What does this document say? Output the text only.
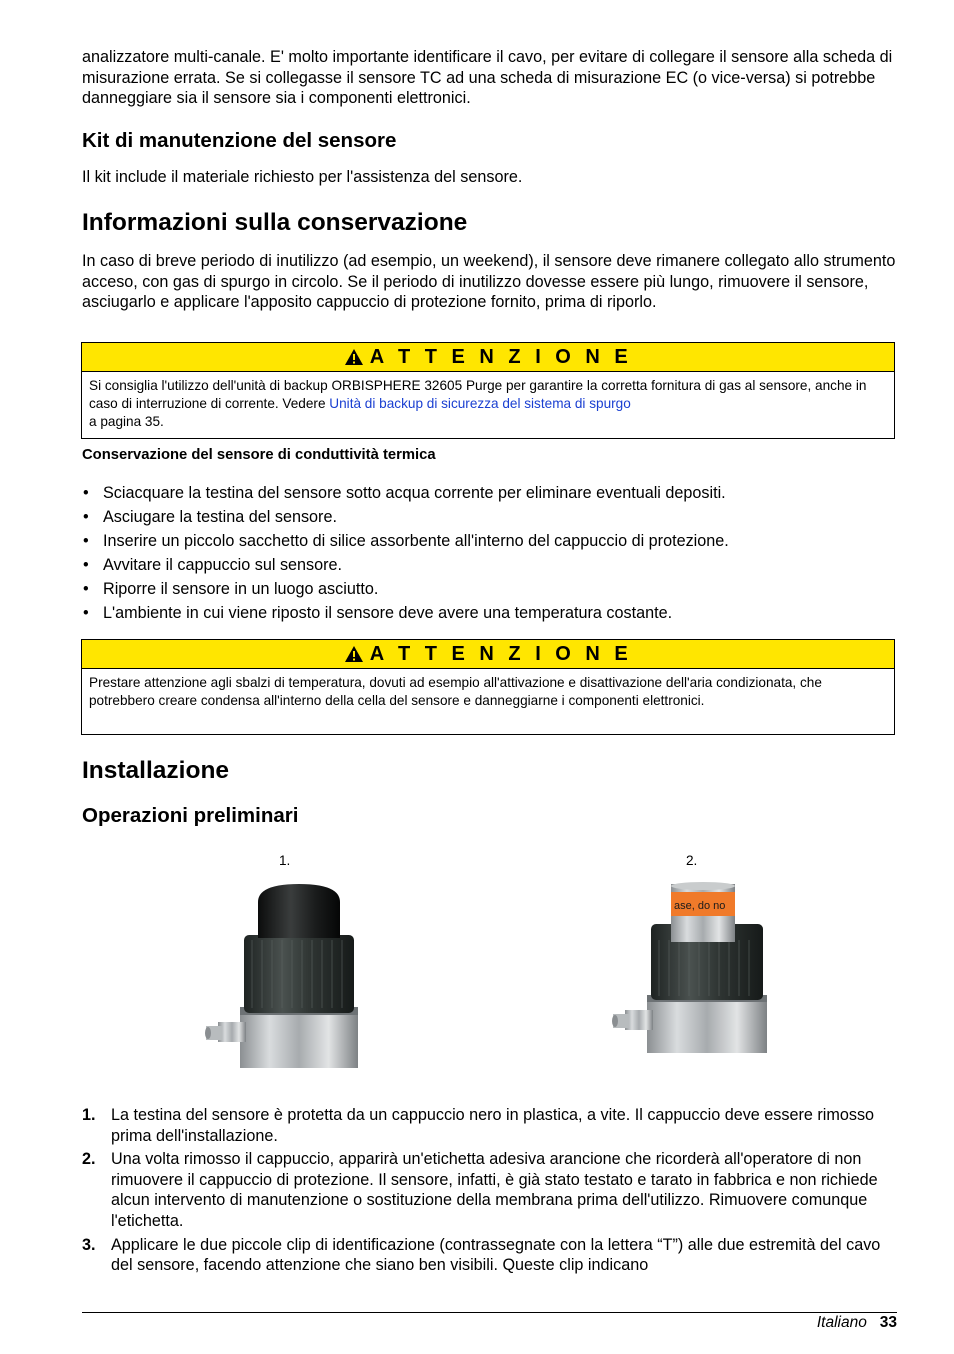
analizzatore multi-canale. E' molto importante identificare il cavo, per evitare di collegare il sensore alla scheda di misurazione errata. Se si collegasse il sensore TC ad una scheda di misurazione EC (o vice-versa) si potrebbe danneggiare sia il sensore sia i componenti elettronici.

Kit di manutenzione del sensore

Il kit include il materiale richiesto per l'assistenza del sensore.

Informazioni sulla conservazione

In caso di breve periodo di inutilizzo (ad esempio, un weekend), il sensore deve rimanere collegato allo strumento acceso, con gas di spurgo in circolo. Se il periodo di inutilizzo dovesse essere più lungo, rimuovere il sensore, asciugarlo e applicare l'apposito cappuccio di protezione fornito, prima di riporlo.

A T T E N Z I O N E
Si consiglia l'utilizzo dell'unità di backup ORBISPHERE 32605 Purge per garantire la corretta fornitura di gas al sensore, anche in caso di interruzione di corrente. Vedere Unità di backup di sicurezza del sistema di spurgo
a pagina 35.
Conservazione del sensore di conduttività termica
• Sciacquare la testina del sensore sotto acqua corrente per eliminare eventuali depositi.
• Asciugare la testina del sensore.
• Inserire un piccolo sacchetto di silice assorbente all'interno del cappuccio di protezione.
• Avvitare il cappuccio sul sensore.
• Riporre il sensore in un luogo asciutto.
• L'ambiente in cui viene riposto il sensore deve avere una temperatura costante.
A T T E N Z I O N E
Prestare attenzione agli sbalzi di temperatura, dovuti ad esempio all'attivazione e disattivazione dell'aria condizionata, che potrebbero creare condensa all'interno della cella del sensore e danneggiarne i componenti elettronici.
Installazione
Operazioni preliminari
1.	2.
ase, do no
1. La testina del sensore è protetta da un cappuccio nero in plastica, a vite. Il cappuccio deve essere rimosso prima dell'installazione.
2. Una volta rimosso il cappuccio, apparirà un'etichetta adesiva arancione che ricorderà all'operatore di non rimuovere il cappuccio di protezione. Il sensore, infatti, è già stato testato e tarato in fabbrica e non richiede alcun intervento di manutenzione o sostituzione della membrana prima dell'utilizzo. Rimuovere comunque l'etichetta.
3. Applicare le due piccole clip di identificazione (contrassegnate con la lettera “T”) alle due estremità del cavo del sensore, facendo attenzione che siano ben visibili. Queste clip indicano
Italiano 33
